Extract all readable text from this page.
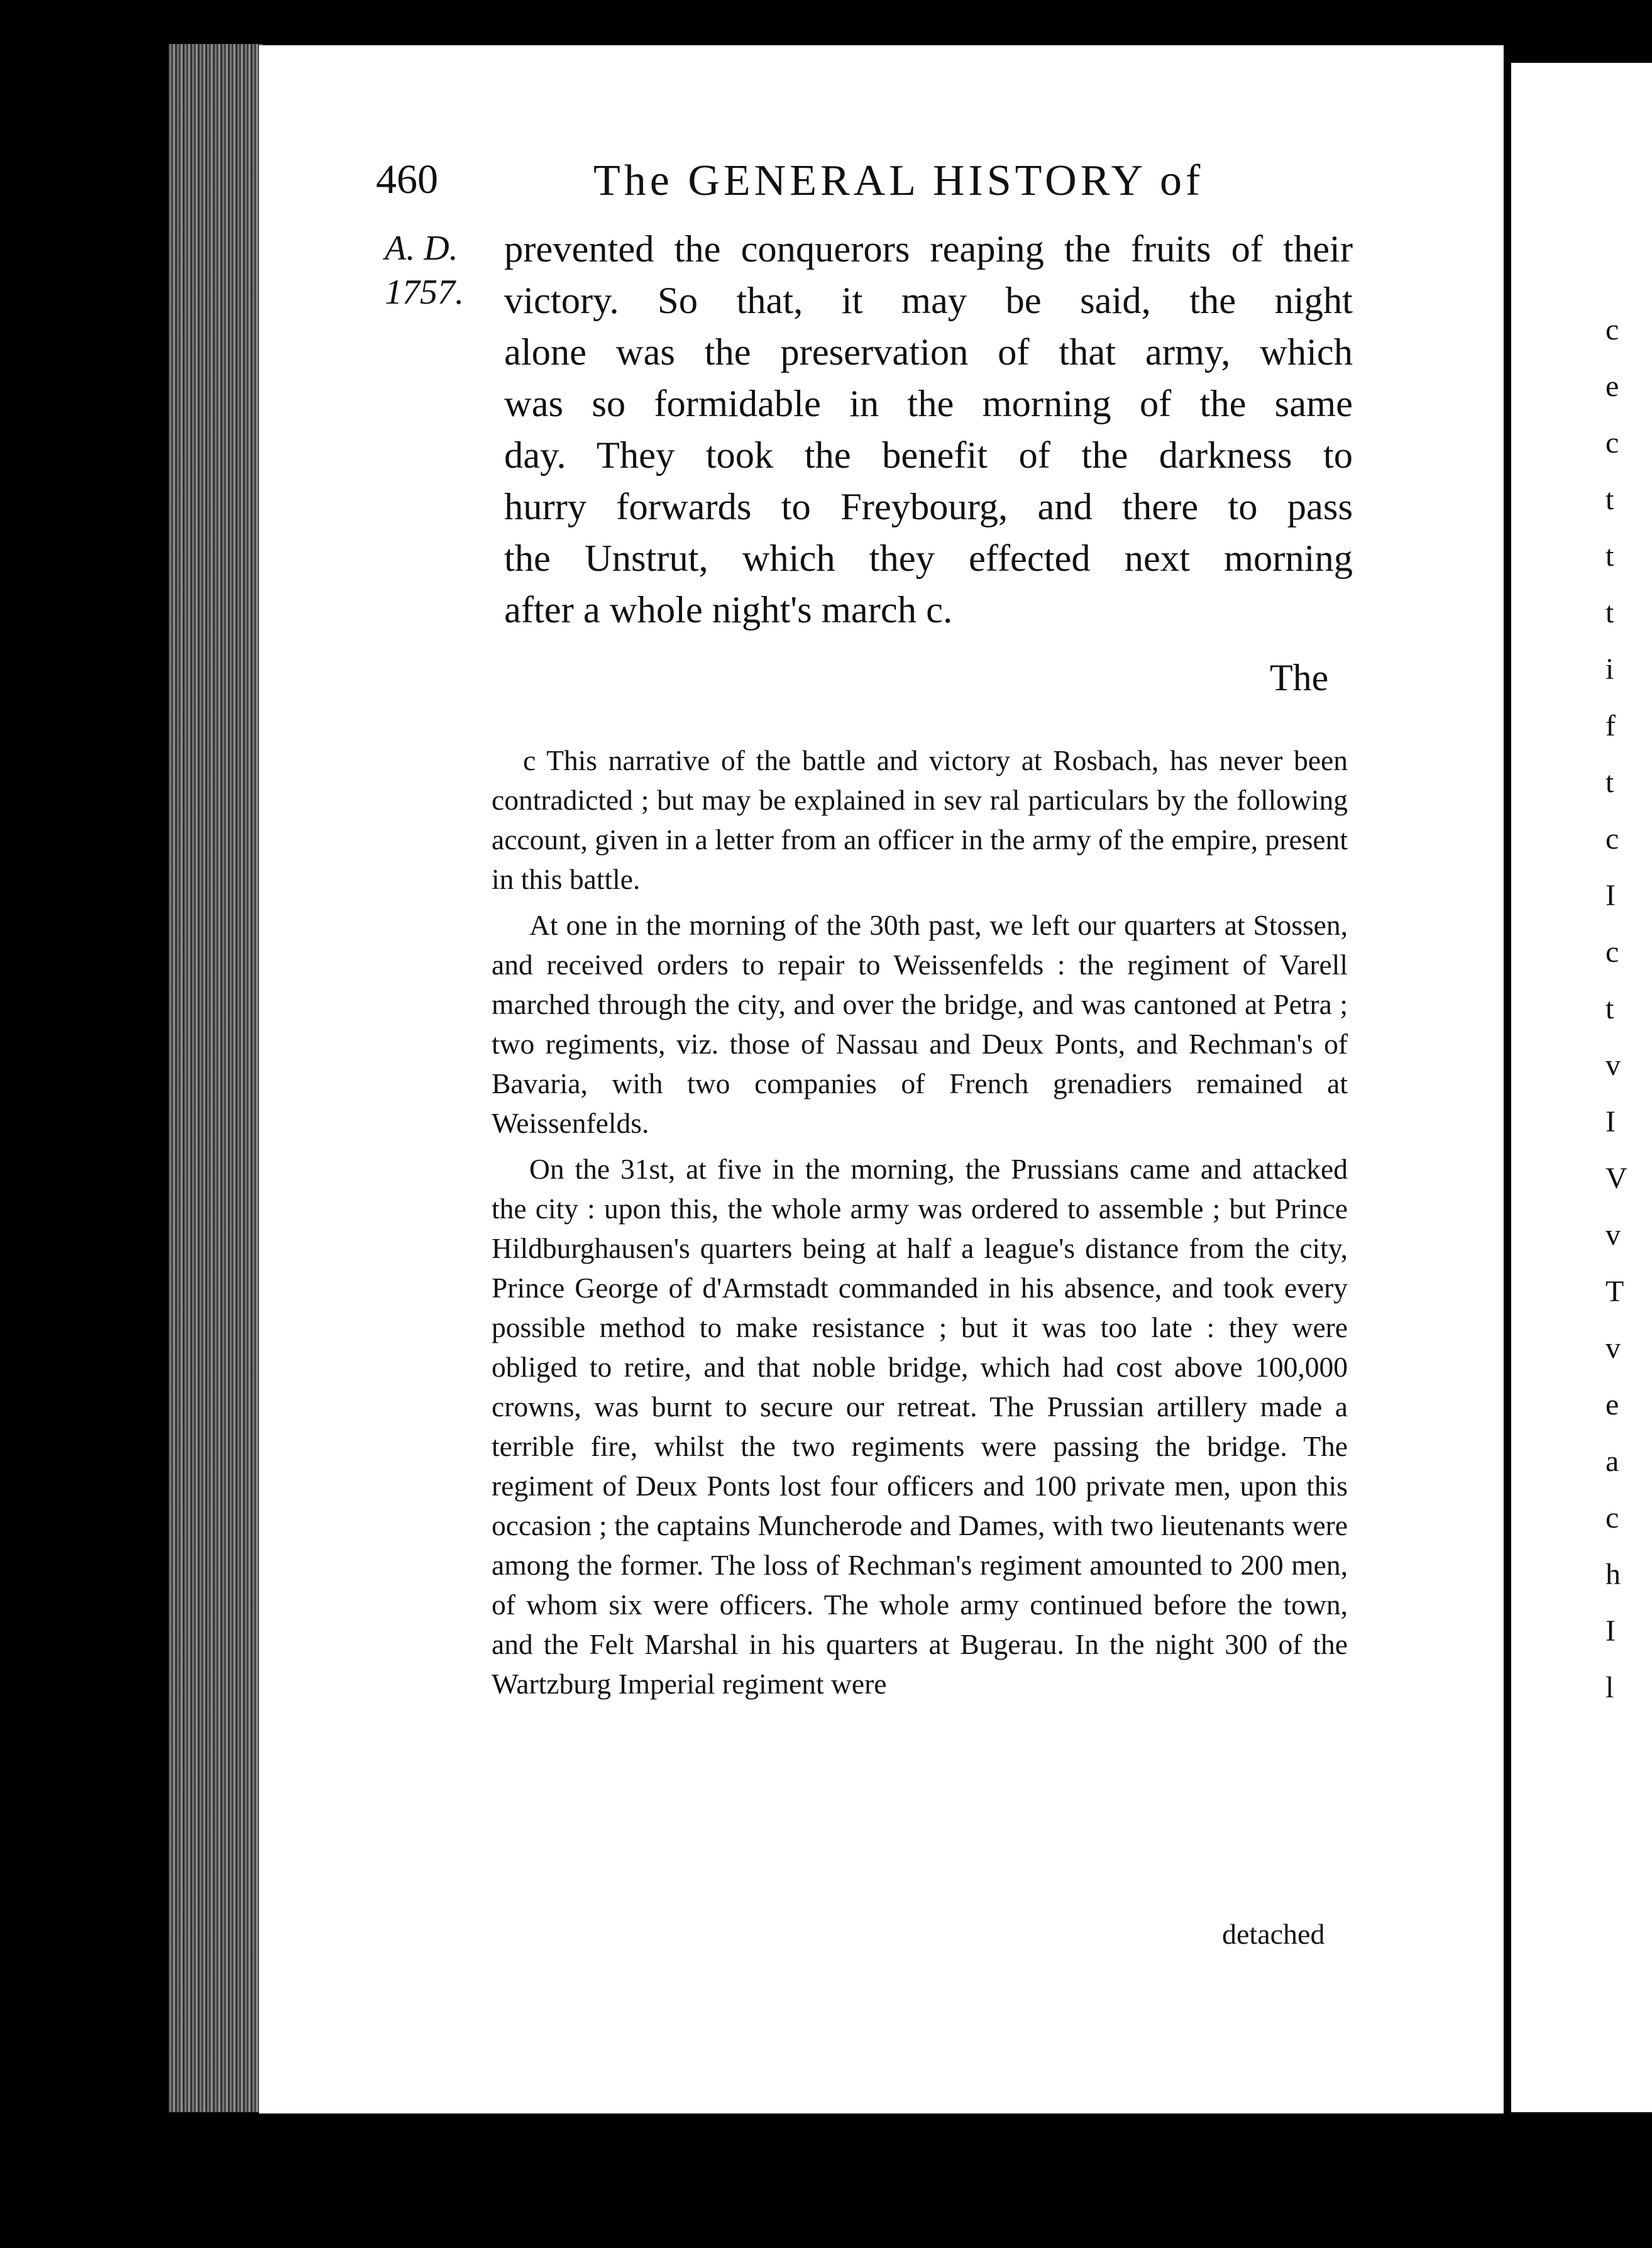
c
e
c
t
t
t
i
f
t
c
I
c
t
v
I
V
v
T
v
e
a
c
h
I
l
460	The GENERAL HISTORY of
A. D.
1757.
prevented the conquerors reaping the fruits of their
victory. So that, it may be said, the night
alone was the preservation of that army, which
was so formidable in the morning of the same
day. They took the benefit of the darkness to
hurry forwards to Freybourg, and there to pass
the Unstrut, which they effected next morning
after a whole night's march c.
The

c This narrative of the battle and victory at Rosbach, has never been contradicted ; but may be explained in sev ral particulars by the following account, given in a letter from an officer in the army of the empire, present in this battle.

At one in the morning of the 30th past, we left our quarters at Stossen, and received orders to repair to Weissenfelds : the regiment of Varell marched through the city, and over the bridge, and was cantoned at Petra ; two regiments, viz. those of Nassau and Deux Ponts, and Rechman's of Bavaria, with two companies of French grenadiers remained at Weissenfelds.

On the 31st, at five in the morning, the Prussians came and attacked the city : upon this, the whole army was ordered to assemble ; but Prince Hildburghausen's quarters being at half a league's distance from the city, Prince George of d'Armstadt commanded in his absence, and took every possible method to make resistance ; but it was too late : they were obliged to retire, and that noble bridge, which had cost above 100,000 crowns, was burnt to secure our retreat. The Prussian artillery made a terrible fire, whilst the two regiments were passing the bridge. The regiment of Deux Ponts lost four officers and 100 private men, upon this occasion ; the captains Muncherode and Dames, with two lieutenants were among the former. The loss of Rechman's regiment amounted to 200 men, of whom six were officers. The whole army continued before the town, and the Felt Marshal in his quarters at Bugerau. In the night 300 of the Wartzburg Imperial regiment were

detached
